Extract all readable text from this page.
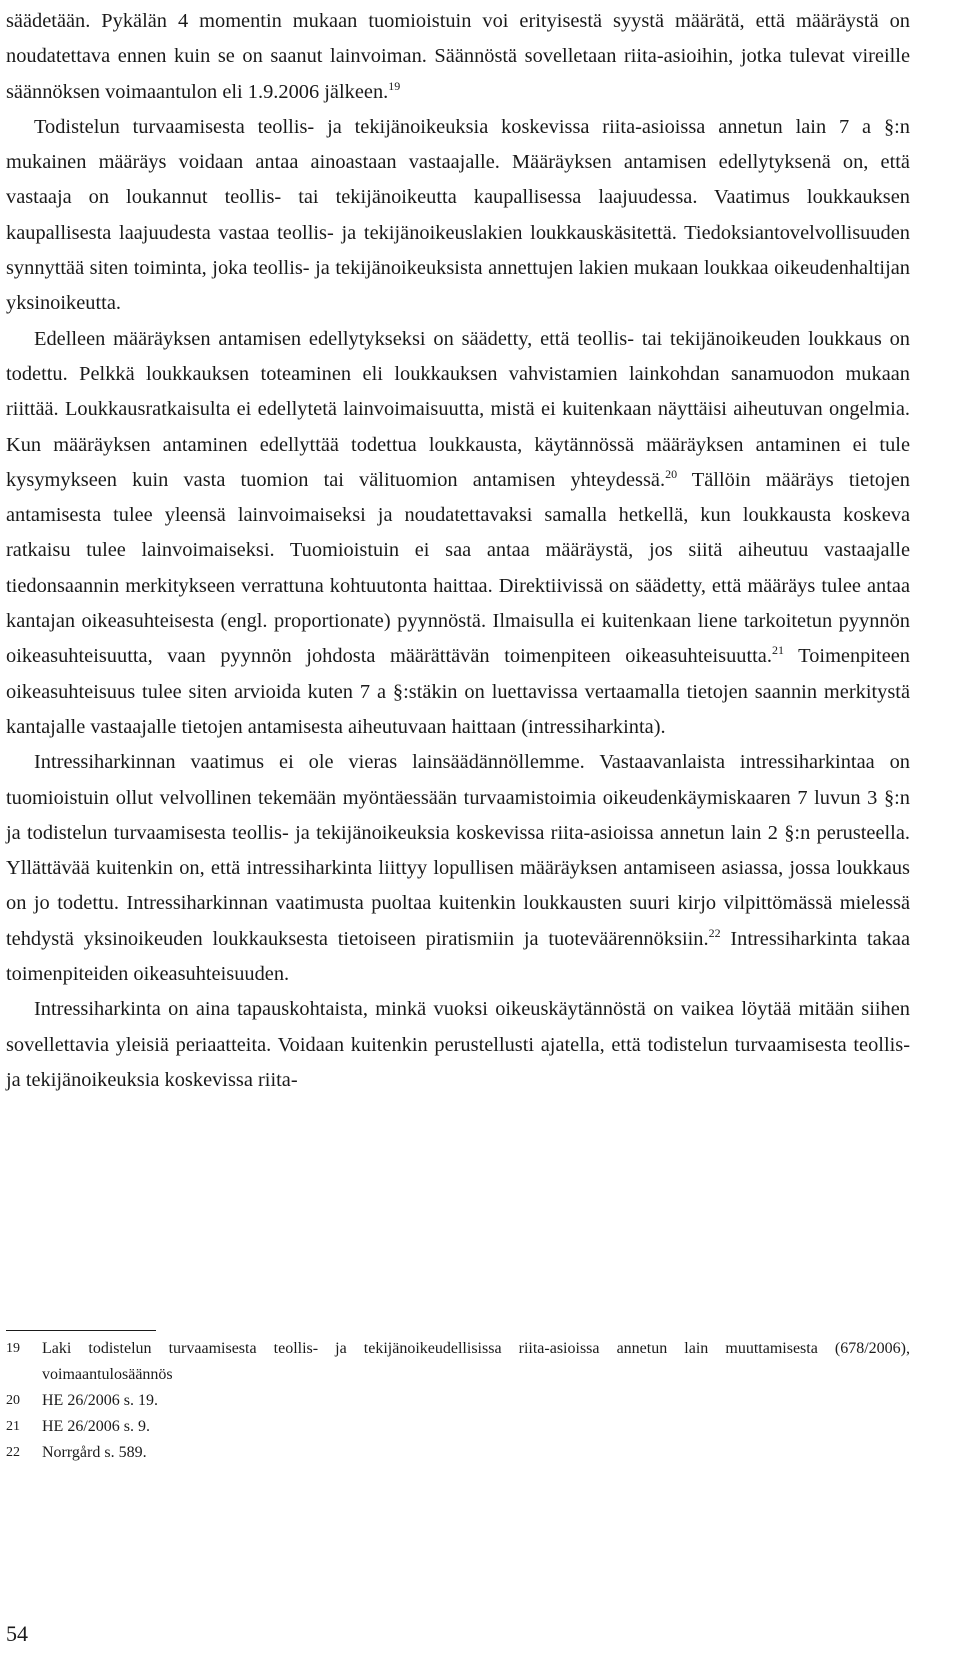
säädetään. Pykälän 4 momentin mukaan tuomioistuin voi erityisestä syystä määrätä, että määräystä on noudatettava ennen kuin se on saanut lainvoiman. Säännöstä sovelletaan riita-asioihin, jotka tulevat vireille säännöksen voimaantulon eli 1.9.2006 jälkeen.$^{19}$

Todistelun turvaamisesta teollis- ja tekijänoikeuksia koskevissa riita-asioissa annetun lain 7 a §:n mukainen määräys voidaan antaa ainoastaan vastaajalle. Määräyksen antamisen edellytyksenä on, että vastaaja on loukannut teollis- tai tekijänoikeutta kaupallisessa laajuudessa. Vaatimus loukkauksen kaupallisesta laajuudesta vastaa teollis- ja tekijänoikeuslakien loukkauskäsitettä. Tiedoksiantovelvollisuuden synnyttää siten toiminta, joka teollis- ja tekijänoikeuksista annettujen lakien mukaan loukkaa oikeudenhaltijan yksinoikeutta.

Edelleen määräyksen antamisen edellytykseksi on säädetty, että teollis- tai tekijänoikeuden loukkaus on todettu. Pelkkä loukkauksen toteaminen eli loukkauksen vahvistamien lainkohdan sanamuodon mukaan riittää. Loukkausratkaisulta ei edellytetä lainvoimaisuutta, mistä ei kuitenkaan näyttäisi aiheutuvan ongelmia. Kun määräyksen antaminen edellyttää todettua loukkausta, käytännössä määräyksen antaminen ei tule kysymykseen kuin vasta tuomion tai välituomion antamisen yhteydessä.$^{20}$ Tällöin määräys tietojen antamisesta tulee yleensä lainvoimaiseksi ja noudatettavaksi samalla hetkellä, kun loukkausta koskeva ratkaisu tulee lainvoimaiseksi. Tuomioistuin ei saa antaa määräystä, jos siitä aiheutuu vastaajalle tiedonsaannin merkitykseen verrattuna kohtuutonta haittaa. Direktiivissä on säädetty, että määräys tulee antaa kantajan oikeasuhteisesta (engl. proportionate) pyynnöstä. Ilmaisulla ei kuitenkaan liene tarkoitetun pyynnön oikeasuhteisuutta, vaan pyynnön johdosta määrättävän toimenpiteen oikeasuhteisuutta.$^{21}$ Toimenpiteen oikeasuhteisuus tulee siten arvioida kuten 7 a §:stäkin on luettavissa vertaamalla tietojen saannin merkitystä kantajalle vastaajalle tietojen antamisesta aiheutuvaan haittaan (intressiharkinta).

Intressiharkinnan vaatimus ei ole vieras lainsäädännöllemme. Vastaavanlaista intressiharkintaa on tuomioistuin ollut velvollinen tekemään myöntäessään turvaamistoimia oikeudenkäymiskaaren 7 luvun 3 §:n ja todistelun turvaamisesta teollis- ja tekijänoikeuksia koskevissa riita-asioissa annetun lain 2 §:n perusteella. Yllättävää kuitenkin on, että intressiharkinta liittyy lopullisen määräyksen antamiseen asiassa, jossa loukkaus on jo todettu. Intressiharkinnan vaatimusta puoltaa kuitenkin loukkausten suuri kirjo vilpittömässä mielessä tehdystä yksinoikeuden loukkauksesta tietoiseen piratismiin ja tuoteväärennöksiin.$^{22}$ Intressiharkinta takaa toimenpiteiden oikeasuhteisuuden.

Intressiharkinta on aina tapauskohtaista, minkä vuoksi oikeuskäytännöstä on vaikea löytää mitään siihen sovellettavia yleisiä periaatteita. Voidaan kuitenkin perustellusti ajatella, että todistelun turvaamisesta teollis- ja tekijänoikeuksia koskevissa riita-

19	Laki todistelun turvaamisesta teollis- ja tekijänoikeudellisissa riita-asioissa annetun lain muuttamisesta (678/2006), voimaantulosäännös
20	HE 26/2006 s. 19.
21	HE 26/2006 s. 9.
22	Norrgård s. 589.
54
